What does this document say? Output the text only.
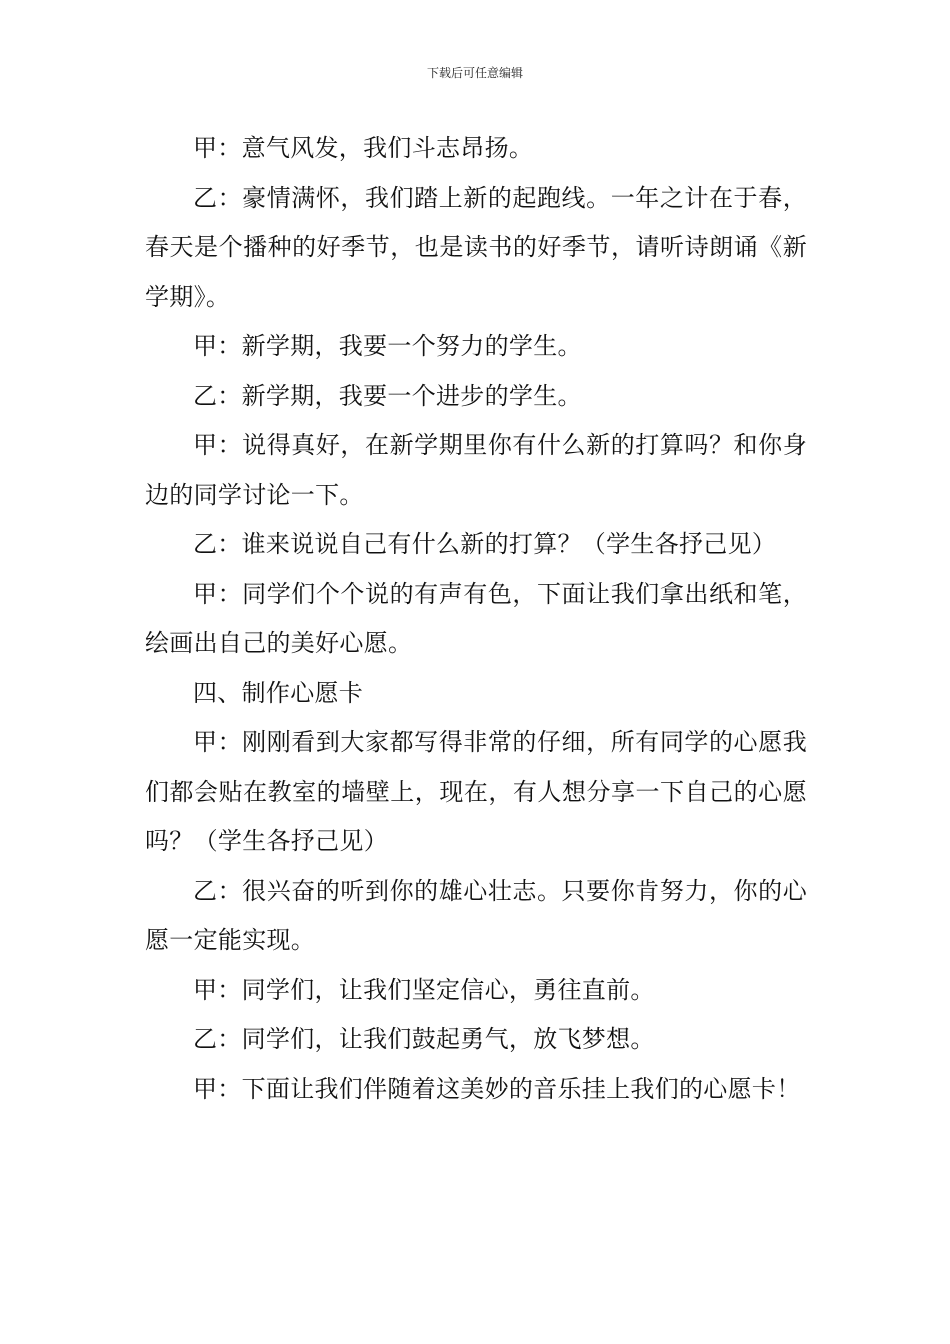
下载后可任意编辑

甲：意气风发，我们斗志昂扬。

乙：豪情满怀，我们踏上新的起跑线。一年之计在于春，春天是个播种的好季节，也是读书的好季节，请听诗朗诵《新学期》。

甲：新学期，我要一个努力的学生。

乙：新学期，我要一个进步的学生。

甲：说得真好，在新学期里你有什么新的打算吗？和你身边的同学讨论一下。

乙：谁来说说自己有什么新的打算？（学生各抒己见）

甲：同学们个个说的有声有色，下面让我们拿出纸和笔，绘画出自己的美好心愿。

四、制作心愿卡

甲：刚刚看到大家都写得非常的仔细，所有同学的心愿我们都会贴在教室的墙壁上，现在，有人想分享一下自己的心愿吗？（学生各抒己见）

乙：很兴奋的听到你的雄心壮志。只要你肯努力，你的心愿一定能实现。

甲：同学们，让我们坚定信心，勇往直前。

乙：同学们，让我们鼓起勇气，放飞梦想。

甲：下面让我们伴随着这美妙的音乐挂上我们的心愿卡！
